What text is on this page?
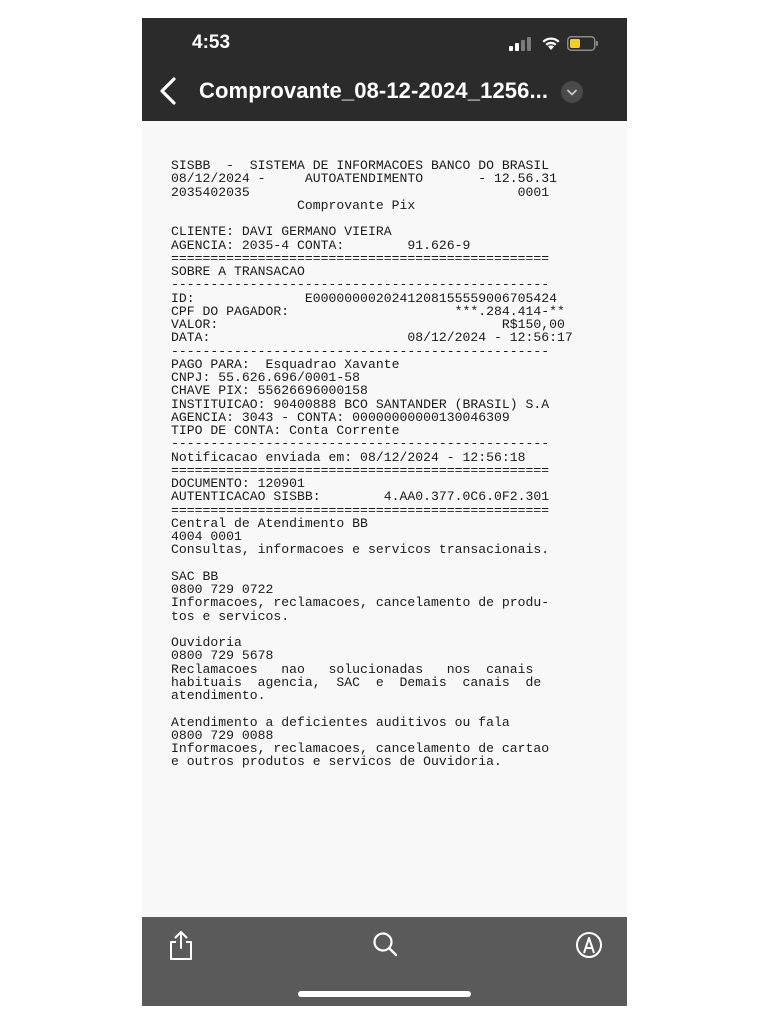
4:53
Comprovante_08-12-2024_1256...
SISBB  -  SISTEMA DE INFORMACOES BANCO DO BRASIL
08/12/2024 -     AUTOATENDIMENTO       - 12.56.31
2035402035                                  0001
Comprovante Pix

CLIENTE: DAVI GERMANO VIEIRA
AGENCIA: 2035-4 CONTA:        91.626-9
================================================
SOBRE A TRANSACAO
------------------------------------------------
ID:              E0000000020241208155559006705424
CPF DO PAGADOR:                     ***.284.414-**
VALOR:                                    R$150,00
DATA:                         08/12/2024 - 12:56:17
------------------------------------------------
PAGO PARA:  Esquadrao Xavante
CNPJ: 55.626.696/0001-58
CHAVE PIX: 55626696000158
INSTITUICAO: 90400888 BCO SANTANDER (BRASIL) S.A
AGENCIA: 3043 - CONTA: 00000000000130046309
TIPO DE CONTA: Conta Corrente
------------------------------------------------
Notificacao enviada em: 08/12/2024 - 12:56:18
================================================
DOCUMENTO: 120901
AUTENTICACAO SISBB:        4.AA0.377.0C6.0F2.301
================================================
Central de Atendimento BB
4004 0001
Consultas, informacoes e servicos transacionais.

SAC BB
0800 729 0722
Informacoes, reclamacoes, cancelamento de produ-
tos e servicos.

Ouvidoria
0800 729 5678
Reclamacoes   nao   solucionadas   nos  canais
habituais  agencia,  SAC  e  Demais  canais  de
atendimento.

Atendimento a deficientes auditivos ou fala
0800 729 0088
Informacoes, reclamacoes, cancelamento de cartao
e outros produtos e servicos de Ouvidoria.
